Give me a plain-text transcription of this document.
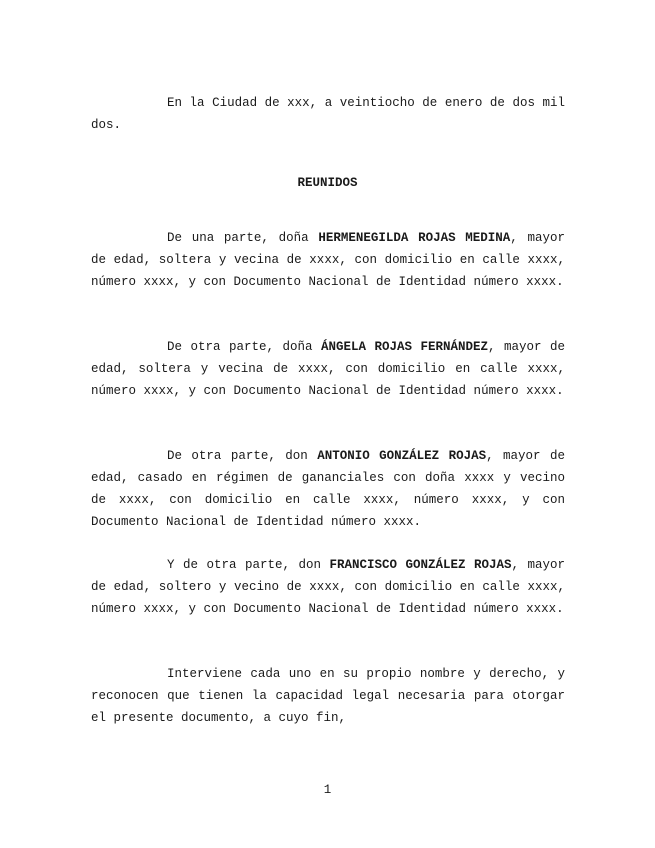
En la Ciudad de xxx, a veintiocho de enero de dos mil dos.

REUNIDOS

De una parte, doña HERMENEGILDA ROJAS MEDINA, mayor de edad, soltera y vecina de xxxx, con domicilio en calle xxxx, número xxxx, y con Documento Nacional de Identidad número xxxx.

De otra parte, doña ÁNGELA ROJAS FERNÁNDEZ, mayor de edad, soltera y vecina de xxxx, con domicilio en calle xxxx, número xxxx, y con Documento Nacional de Identidad número xxxx.

De otra parte, don ANTONIO GONZÁLEZ ROJAS, mayor de edad, casado en régimen de gananciales con doña xxxx y vecino de xxxx, con domicilio en calle xxxx, número xxxx, y con Documento Nacional de Identidad número xxxx.

Y de otra parte, don FRANCISCO GONZÁLEZ ROJAS, mayor de edad, soltero y vecino de xxxx, con domicilio en calle xxxx, número xxxx, y con Documento Nacional de Identidad número xxxx.

Interviene cada uno en su propio nombre y derecho, y reconocen que tienen la capacidad legal necesaria para otorgar el presente documento, a cuyo fin,

1
